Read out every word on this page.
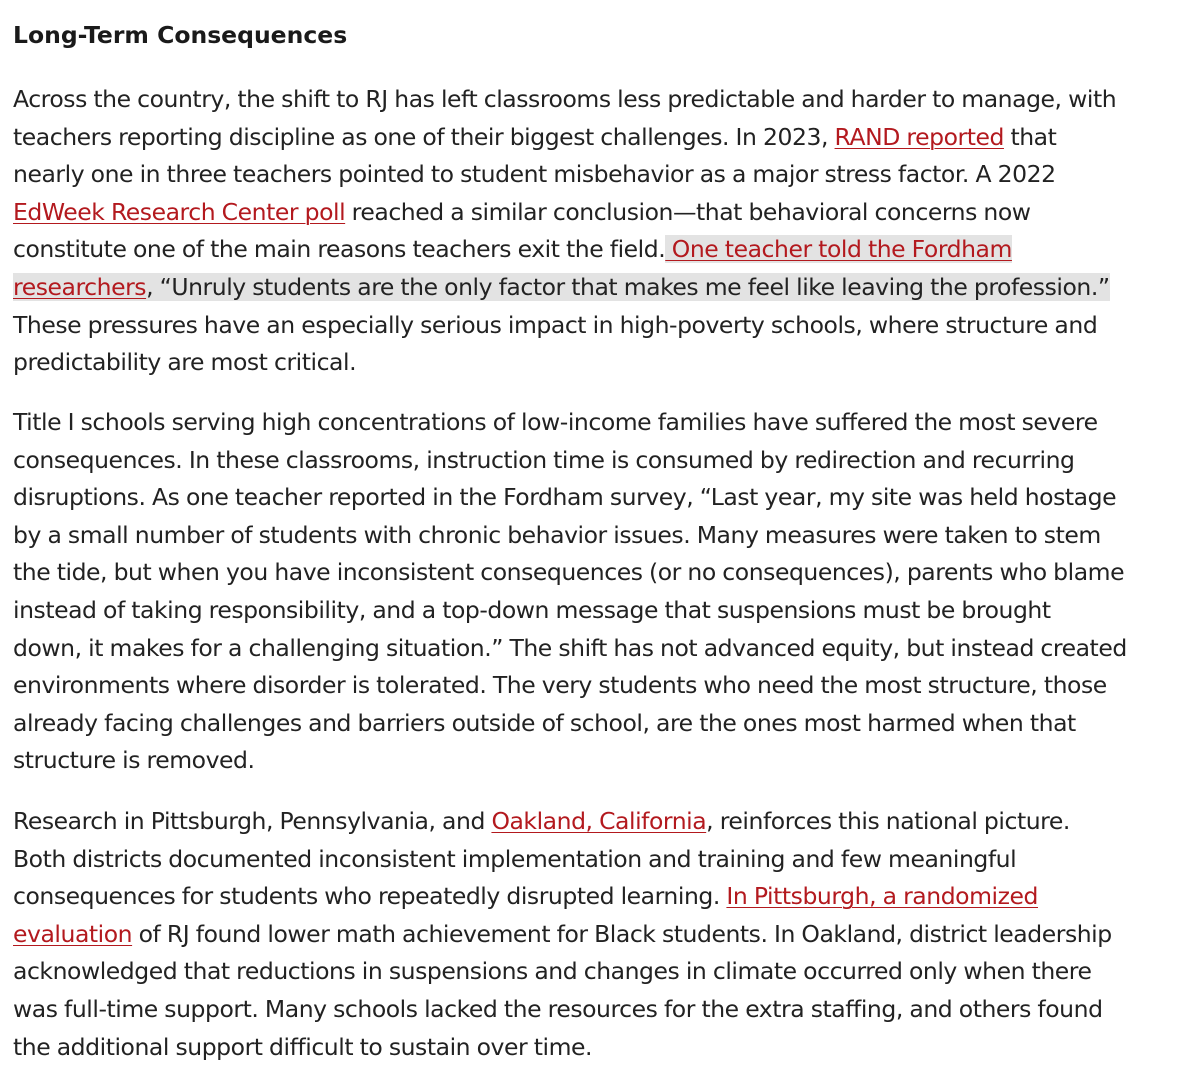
Long-Term Consequences

Across the country, the shift to RJ has left classrooms less predictable and harder to manage, with
teachers reporting discipline as one of their biggest challenges. In 2023, RAND reported that
nearly one in three teachers pointed to student misbehavior as a major stress factor. A 2022
EdWeek Research Center poll reached a similar conclusion—that behavioral concerns now
constitute one of the main reasons teachers exit the field. One teacher told the Fordham
researchers, “Unruly students are the only factor that makes me feel like leaving the profession.”
These pressures have an especially serious impact in high-poverty schools, where structure and
predictability are most critical.

Title I schools serving high concentrations of low-income families have suffered the most severe
consequences. In these classrooms, instruction time is consumed by redirection and recurring
disruptions. As one teacher reported in the Fordham survey, “Last year, my site was held hostage
by a small number of students with chronic behavior issues. Many measures were taken to stem
the tide, but when you have inconsistent consequences (or no consequences), parents who blame
instead of taking responsibility, and a top-down message that suspensions must be brought
down, it makes for a challenging situation.” The shift has not advanced equity, but instead created
environments where disorder is tolerated. The very students who need the most structure, those
already facing challenges and barriers outside of school, are the ones most harmed when that
structure is removed.

Research in Pittsburgh, Pennsylvania, and Oakland, California, reinforces this national picture.
Both districts documented inconsistent implementation and training and few meaningful
consequences for students who repeatedly disrupted learning. In Pittsburgh, a randomized
evaluation of RJ found lower math achievement for Black students. In Oakland, district leadership
acknowledged that reductions in suspensions and changes in climate occurred only when there
was full-time support. Many schools lacked the resources for the extra staffing, and others found
the additional support difficult to sustain over time.
